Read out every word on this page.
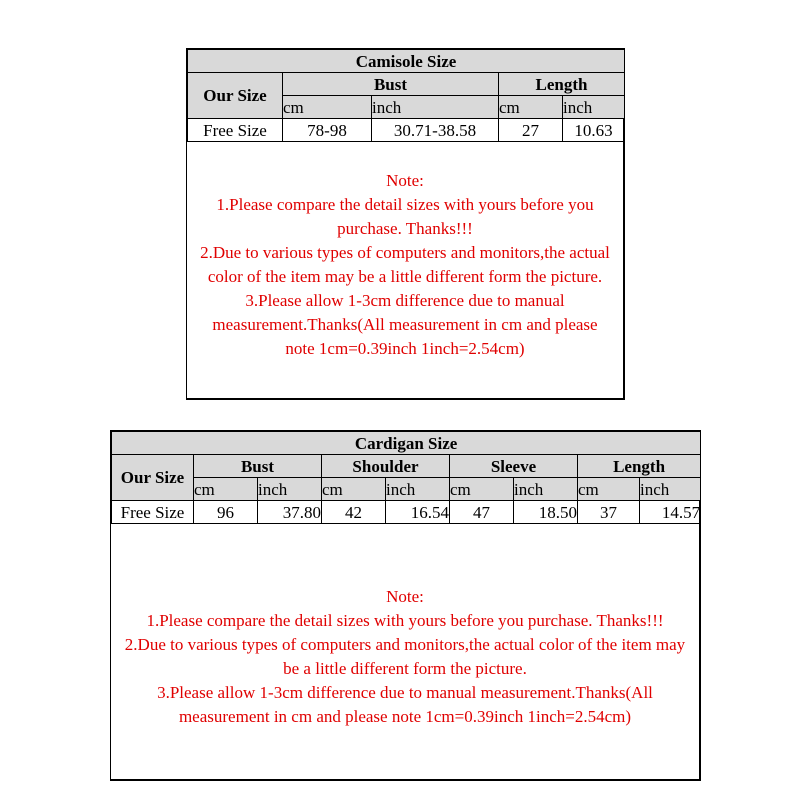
Camisole Size				
Our Size	Bust		Length	
	cm	inch	cm	inch
Free Size	78-98	30.71-38.58	27	10.63

Note:

1.Please compare the detail sizes with yours before you purchase. Thanks!!!

2.Due to various types of computers and monitors,the actual color of the item may be a little different form the picture.

3.Please allow 1-3cm difference due to manual measurement.Thanks(All measurement in cm and please note 1cm=0.39inch 1inch=2.54cm)

Cardigan Size								
Our Size	Bust		Shoulder		Sleeve		Length	
	cm	inch	cm	inch	cm	inch	cm	inch
Free Size	96	37.80	42	16.54	47	18.50	37	14.57

Note:

1.Please compare the detail sizes with yours before you purchase. Thanks!!!

2.Due to various types of computers and monitors,the actual color of the item may be a little different form the picture.

3.Please allow 1-3cm difference due to manual measurement.Thanks(All measurement in cm and please note 1cm=0.39inch 1inch=2.54cm)
